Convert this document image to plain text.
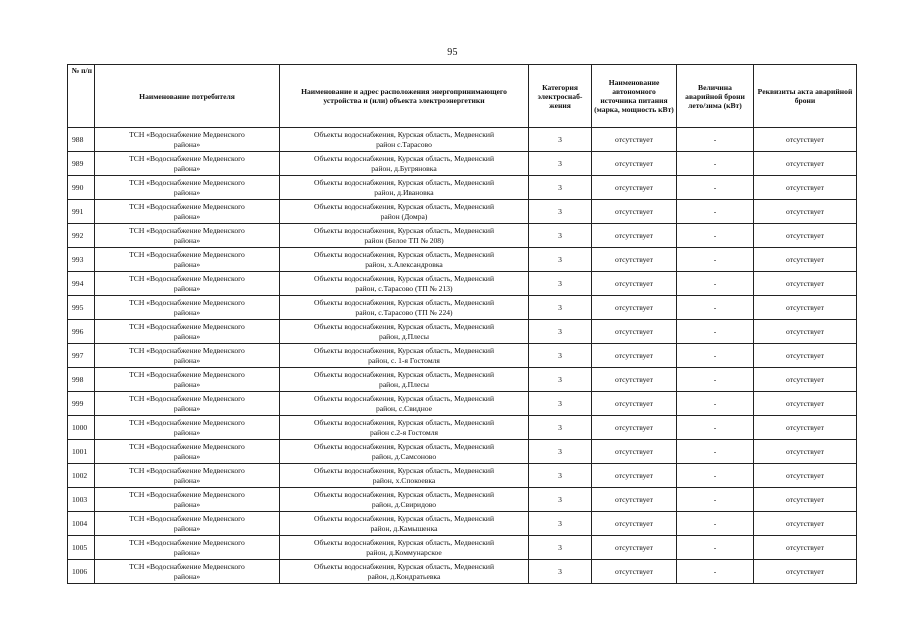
95
№ п/п	Наименование потребителя	Наименование и адрес расположения энергопринимающего устройства и (или) объекта электроэнергетики	Категория электроснаб-жения	Наименование автономного источника питания (марка, мощность кВт)	Величина аварийной брони лето/зима (кВт)	Реквизиты акта аварийной брони
988	ТСН «Водоснабжение Медвенского
района»	Объекты водоснабжения, Курская область, Медвенский
район с.Тарасово	3	отсутствует	-	отсутствует
989	ТСН «Водоснабжение Медвенского
района»	Объекты водоснабжения, Курская область, Медвенский
район, д.Бугряновка	3	отсутствует	-	отсутствует
990	ТСН «Водоснабжение Медвенского
района»	Объекты водоснабжения, Курская область, Медвенский
район, д.Ивановка	3	отсутствует	-	отсутствует
991	ТСН «Водоснабжение Медвенского
района»	Объекты водоснабжения, Курская область, Медвенский
район (Домра)	3	отсутствует	-	отсутствует
992	ТСН «Водоснабжение Медвенского
района»	Объекты водоснабжения, Курская область, Медвенский
район (Белое ТП № 208)	3	отсутствует	-	отсутствует
993	ТСН «Водоснабжение Медвенского
района»	Объекты водоснабжения, Курская область, Медвенский
район, х.Александровка	3	отсутствует	-	отсутствует
994	ТСН «Водоснабжение Медвенского
района»	Объекты водоснабжения, Курская область, Медвенский
район, с.Тарасово (ТП № 213)	3	отсутствует	-	отсутствует
995	ТСН «Водоснабжение Медвенского
района»	Объекты водоснабжения, Курская область, Медвенский
район, с.Тарасово (ТП № 224)	3	отсутствует	-	отсутствует
996	ТСН «Водоснабжение Медвенского
района»	Объекты водоснабжения, Курская область, Медвенский
район, д.Плесы	3	отсутствует	-	отсутствует
997	ТСН «Водоснабжение Медвенского
района»	Объекты водоснабжения, Курская область, Медвенский
район, с. 1-я Гостомля	3	отсутствует	-	отсутствует
998	ТСН «Водоснабжение Медвенского
района»	Объекты водоснабжения, Курская область, Медвенский
район, д.Плесы	3	отсутствует	-	отсутствует
999	ТСН «Водоснабжение Медвенского
района»	Объекты водоснабжения, Курская область, Медвенский
район, с.Свидное	3	отсутствует	-	отсутствует
1000	ТСН «Водоснабжение Медвенского
района»	Объекты водоснабжения, Курская область, Медвенский
район с.2-я Гостомля	3	отсутствует	-	отсутствует
1001	ТСН «Водоснабжение Медвенского
района»	Объекты водоснабжения, Курская область, Медвенский
район, д.Самсоново	3	отсутствует	-	отсутствует
1002	ТСН «Водоснабжение Медвенского
района»	Объекты водоснабжения, Курская область, Медвенский
район, х.Спокоевка	3	отсутствует	-	отсутствует
1003	ТСН «Водоснабжение Медвенского
района»	Объекты водоснабжения, Курская область, Медвенский
район, д.Свиридово	3	отсутствует	-	отсутствует
1004	ТСН «Водоснабжение Медвенского
района»	Объекты водоснабжения, Курская область, Медвенский
район, д.Камышенка	3	отсутствует	-	отсутствует
1005	ТСН «Водоснабжение Медвенского
района»	Объекты водоснабжения, Курская область, Медвенский
район, д.Коммунарское	3	отсутствует	-	отсутствует
1006	ТСН «Водоснабжение Медвенского
района»	Объекты водоснабжения, Курская область, Медвенский
район, д.Кондратьевка	3	отсутствует	-	отсутствует
